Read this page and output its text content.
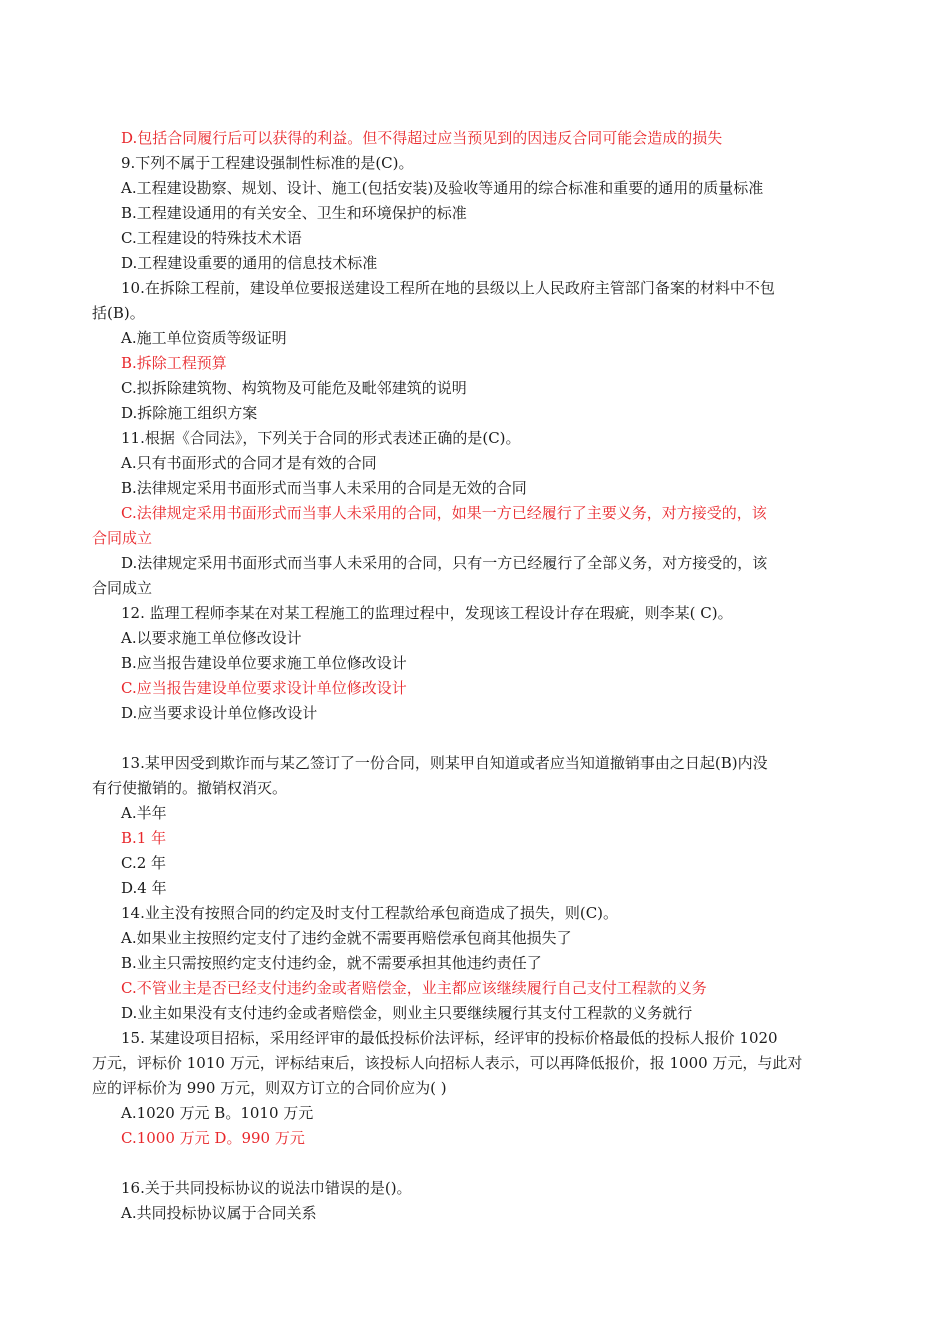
D.包括合同履行后可以获得的利益。但不得超过应当预见到的因违反合同可能会造成的损失
9.下列不属于工程建设强制性标准的是(C)。
A.工程建设勘察、规划、设计、施工(包括安装)及验收等通用的综合标准和重要的通用的质量标准
B.工程建设通用的有关安全、卫生和环境保护的标准
C.工程建设的特殊技术术语
D.工程建设重要的通用的信息技术标准
10.在拆除工程前，建设单位要报送建设工程所在地的县级以上人民政府主管部门备案的材料中不包
括(B)。
A.施工单位资质等级证明
B.拆除工程预算
C.拟拆除建筑物、构筑物及可能危及毗邻建筑的说明
D.拆除施工组织方案
11.根据《合同法》，下列关于合同的形式表述正确的是(C)。
A.只有书面形式的合同才是有效的合同
B.法律规定采用书面形式而当事人未采用的合同是无效的合同
C.法律规定采用书面形式而当事人未采用的合同，如果一方已经履行了主要义务，对方接受的，该
合同成立
D.法律规定采用书面形式而当事人未采用的合同，只有一方已经履行了全部义务，对方接受的，该
合同成立
12. 监理工程师李某在对某工程施工的监理过程中，发现该工程设计存在瑕疵，则李某( C)。
A.以要求施工单位修改设计
B.应当报告建设单位要求施工单位修改设计
C.应当报告建设单位要求设计单位修改设计
D.应当要求设计单位修改设计
13.某甲因受到欺诈而与某乙签订了一份合同，则某甲自知道或者应当知道撤销事由之日起(B)内没
有行使撤销的。撤销权消灭。
A.半年
B.1 年
C.2 年
D.4 年
14.业主没有按照合同的约定及时支付工程款给承包商造成了损失，则(C)。
A.如果业主按照约定支付了违约金就不需要再赔偿承包商其他损失了
B.业主只需按照约定支付违约金，就不需要承担其他违约责任了
C.不管业主是否已经支付违约金或者赔偿金，业主都应该继续履行自己支付工程款的义务
D.业主如果没有支付违约金或者赔偿金，则业主只要继续履行其支付工程款的义务就行
15. 某建设项目招标，采用经评审的最低投标价法评标，经评审的投标价格最低的投标人报价 1020
万元，评标价 1010 万元，评标结束后，该投标人向招标人表示，可以再降低报价，报 1000 万元，与此对
应的评标价为 990 万元，则双方订立的合同价应为( )
A.1020 万元 B。1010 万元
C.1000 万元 D。990 万元
16.关于共同投标协议的说法巾错误的是()。
A.共同投标协议属于合同关系
